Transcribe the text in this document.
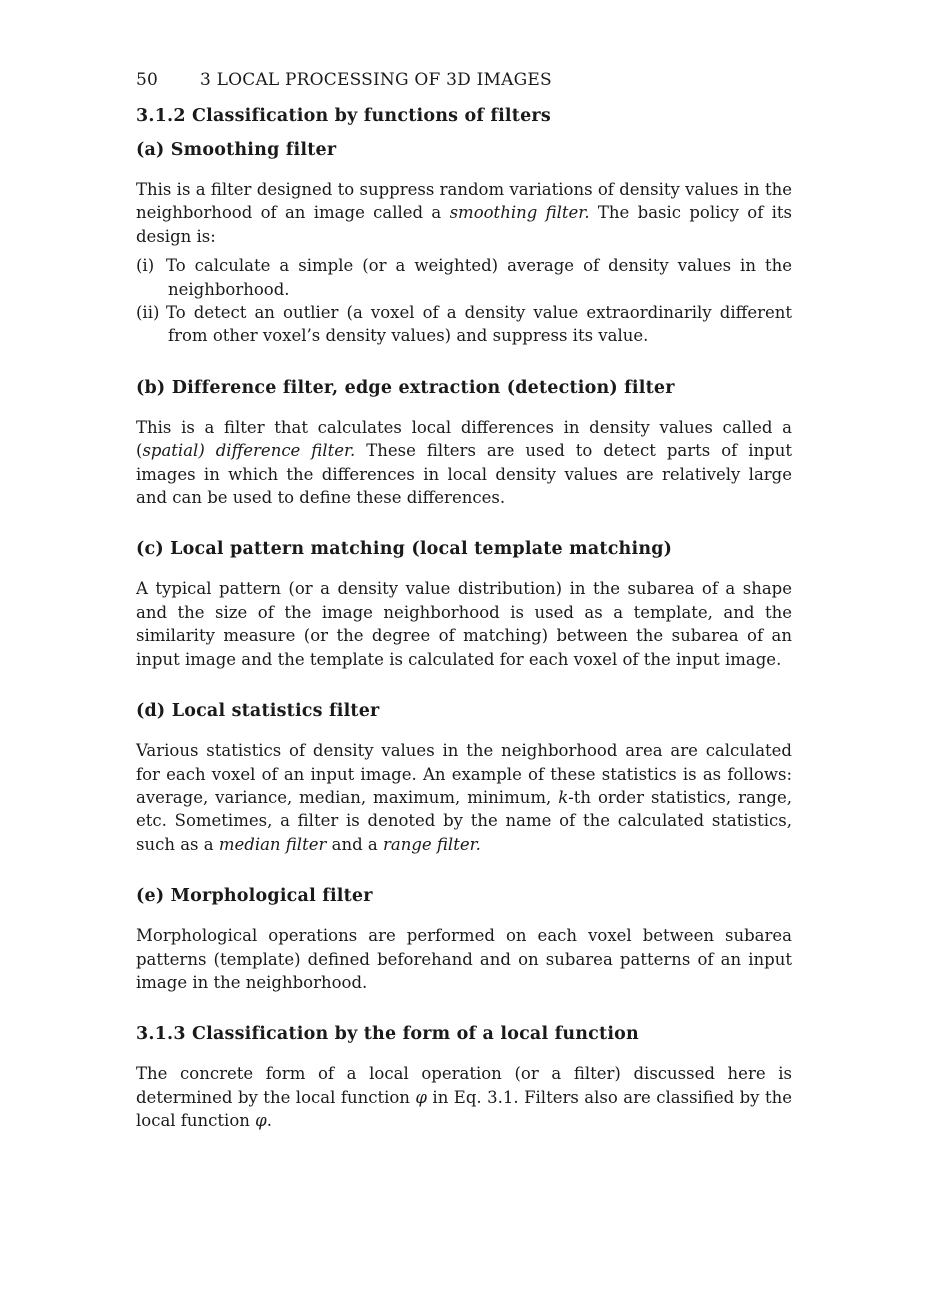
50 3 LOCAL PROCESSING OF 3D IMAGES
3.1.2 Classification by functions of filters
(a) Smoothing filter

This is a filter designed to suppress random variations of density values in the neighborhood of an image called a smoothing filter. The basic policy of its design is:

(i) To calculate a simple (or a weighted) average of density values in the neighborhood.
(ii) To detect an outlier (a voxel of a density value extraordinarily different from other voxel’s density values) and suppress its value.
(b) Difference filter, edge extraction (detection) filter

This is a filter that calculates local differences in density values called a (spatial) difference filter. These filters are used to detect parts of input images in which the differences in local density values are relatively large and can be used to define these differences.

(c) Local pattern matching (local template matching)

A typical pattern (or a density value distribution) in the subarea of a shape and the size of the image neighborhood is used as a template, and the similarity measure (or the degree of matching) between the subarea of an input image and the template is calculated for each voxel of the input image.

(d) Local statistics filter

Various statistics of density values in the neighborhood area are calculated for each voxel of an input image. An example of these statistics is as follows: average, variance, median, maximum, minimum, k-th order statistics, range, etc. Sometimes, a filter is denoted by the name of the calculated statistics, such as a median filter and a range filter.

(e) Morphological filter

Morphological operations are performed on each voxel between subarea patterns (template) defined beforehand and on subarea patterns of an input image in the neighborhood.

3.1.3 Classification by the form of a local function

The concrete form of a local operation (or a filter) discussed here is determined by the local function φ in Eq. 3.1. Filters also are classified by the local function φ.
